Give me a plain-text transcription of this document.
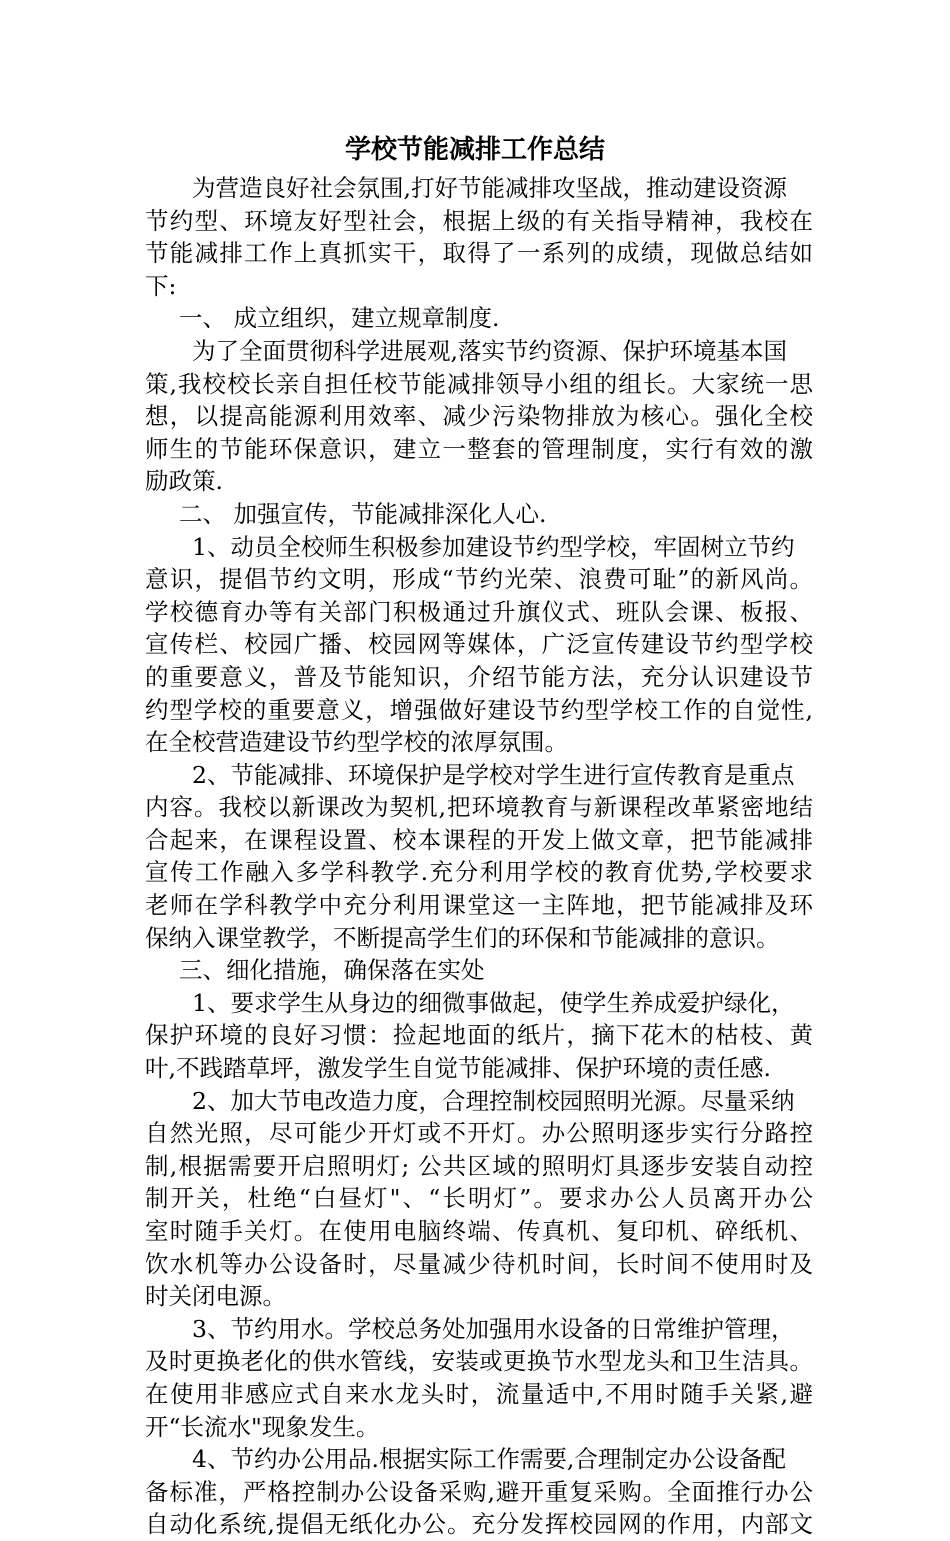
学校节能减排工作总结
为营造良好社会氛围,打好节能减排攻坚战，推动建设资源
节约型、环境友好型社会，根据上级的有关指导精神，我校在
节能减排工作上真抓实干，取得了一系列的成绩，现做总结如
下:
一、 成立组织，建立规章制度.
为了全面贯彻科学进展观,落实节约资源、保护环境基本国
策,我校校长亲自担任校节能减排领导小组的组长。大家统一思
想，以提高能源利用效率、减少污染物排放为核心。强化全校
师生的节能环保意识，建立一整套的管理制度，实行有效的激
励政策.
二、 加强宣传，节能减排深化人心.
1、动员全校师生积极参加建设节约型学校，牢固树立节约
意识，提倡节约文明，形成“节约光荣、浪费可耻”的新风尚。
学校德育办等有关部门积极通过升旗仪式、班队会课、板报、
宣传栏、校园广播、校园网等媒体，广泛宣传建设节约型学校
的重要意义，普及节能知识，介绍节能方法，充分认识建设节
约型学校的重要意义，增强做好建设节约型学校工作的自觉性,
在全校营造建设节约型学校的浓厚氛围。
2、节能减排、环境保护是学校对学生进行宣传教育是重点
内容。我校以新课改为契机,把环境教育与新课程改革紧密地结
合起来，在课程设置、校本课程的开发上做文章，把节能减排
宣传工作融入多学科教学.充分利用学校的教育优势,学校要求
老师在学科教学中充分利用课堂这一主阵地，把节能减排及环
保纳入课堂教学，不断提高学生们的环保和节能减排的意识。
三、细化措施，确保落在实处
1、要求学生从身边的细微事做起，使学生养成爱护绿化，
保护环境的良好习惯：捡起地面的纸片，摘下花木的枯枝、黄
叶,不践踏草坪，激发学生自觉节能减排、保护环境的责任感.
2、加大节电改造力度，合理控制校园照明光源。尽量采纳
自然光照，尽可能少开灯或不开灯。办公照明逐步实行分路控
制,根据需要开启照明灯; 公共区域的照明灯具逐步安装自动控
制开关，杜绝“白昼灯"、“长明灯”。要求办公人员离开办公
室时随手关灯。在使用电脑终端、传真机、复印机、碎纸机、
饮水机等办公设备时，尽量减少待机时间，长时间不使用时及
时关闭电源。
3、节约用水。学校总务处加强用水设备的日常维护管理，
及时更换老化的供水管线，安装或更换节水型龙头和卫生洁具。
在使用非感应式自来水龙头时，流量适中,不用时随手关紧,避
开“长流水"现象发生。
4、节约办公用品.根据实际工作需要,合理制定办公设备配
备标准，严格控制办公设备采购,避开重复采购。全面推行办公
自动化系统,提倡无纸化办公。充分发挥校园网的作用，内部文
